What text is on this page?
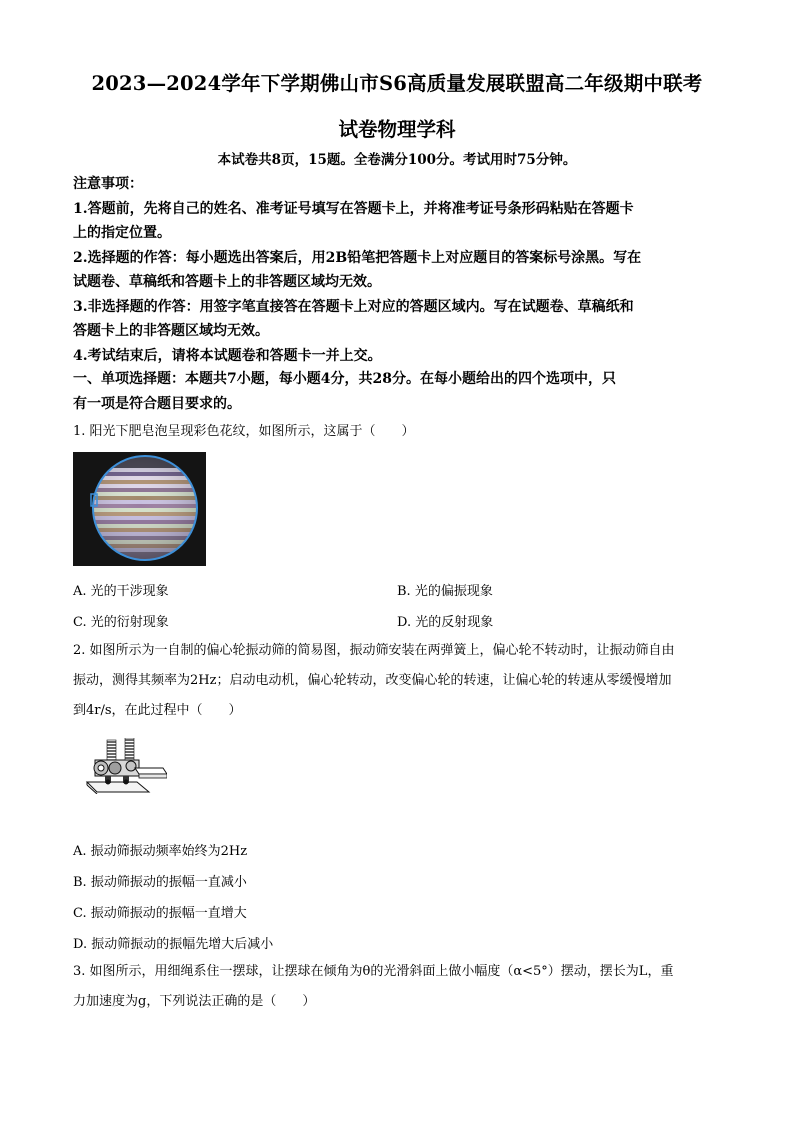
2023—2024学年下学期佛山市S6高质量发展联盟高二年级期中联考
试卷物理学科
本试卷共8页，15题。全卷满分100分。考试用时75分钟。

注意事项：

1.答题前，先将自己的姓名、准考证号填写在答题卡上，并将准考证号条形码粘贴在答题卡

上的指定位置。

2.选择题的作答：每小题选出答案后，用2B铅笔把答题卡上对应题目的答案标号涂黑。写在

试题卷、草稿纸和答题卡上的非答题区域均无效。

3.非选择题的作答：用签字笔直接答在答题卡上对应的答题区域内。写在试题卷、草稿纸和

答题卡上的非答题区域均无效。

4.考试结束后，请将本试题卷和答题卡一并上交。

一、单项选择题：本题共7小题，每小题4分，共28分。在每小题给出的四个选项中，只
有一项是符合题目要求的。
1. 阳光下肥皂泡呈现彩色花纹，如图所示，这属于（　　）
A. 光的干涉现象	B. 光的偏振现象
C. 光的衍射现象	D. 光的反射现象
2. 如图所示为一自制的偏心轮振动筛的简易图，振动筛安装在两弹簧上，偏心轮不转动时，让振动筛自由
振动，测得其频率为2Hz；启动电动机，偏心轮转动，改变偏心轮的转速，让偏心轮的转速从零缓慢增加
到4r/s，在此过程中（　　）
A. 振动筛振动频率始终为2Hz
B. 振动筛振动的振幅一直减小
C. 振动筛振动的振幅一直增大
D. 振动筛振动的振幅先增大后减小
3. 如图所示，用细绳系住一摆球，让摆球在倾角为θ的光滑斜面上做小幅度（α<5°）摆动，摆长为L，重
力加速度为g，下列说法正确的是（　　）
